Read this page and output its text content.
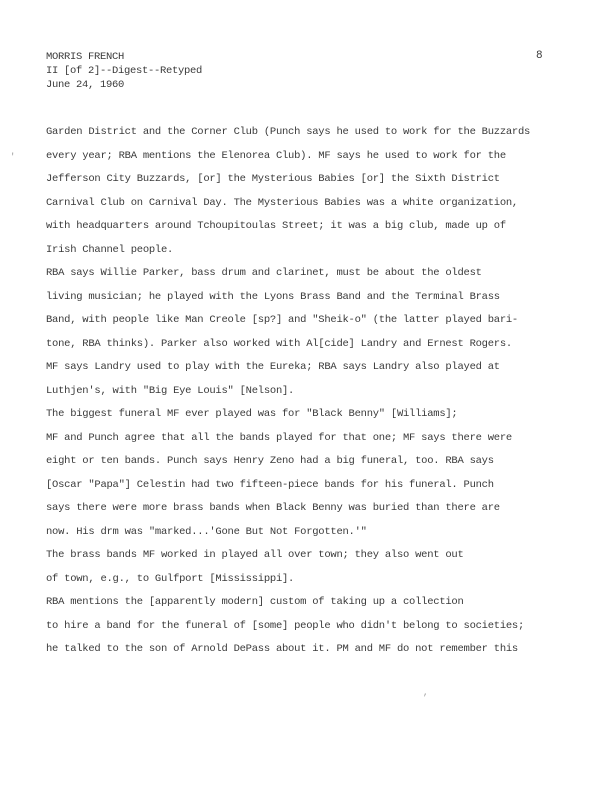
MORRIS FRENCH
II [of 2]--Digest--Retyped
June 24, 1960
8
Garden District and the Corner Club (Punch says he used to work for the Buzzards
every year; RBA mentions the Elenorea Club). MF says he used to work for the
Jefferson City Buzzards, [or] the Mysterious Babies [or] the Sixth District
Carnival Club on Carnival Day. The Mysterious Babies was a white organization,
with headquarters around Tchoupitoulas Street; it was a big club, made up of
Irish Channel people.
RBA says Willie Parker, bass drum and clarinet, must be about the oldest
living musician; he played with the Lyons Brass Band and the Terminal Brass
Band, with people like Man Creole [sp?] and "Sheik-o" (the latter played bari-
tone, RBA thinks). Parker also worked with Al[cide] Landry and Ernest Rogers.
MF says Landry used to play with the Eureka; RBA says Landry also played at
Luthjen's, with "Big Eye Louis" [Nelson].
The biggest funeral MF ever played was for "Black Benny" [Williams];
MF and Punch agree that all the bands played for that one; MF says there were
eight or ten bands. Punch says Henry Zeno had a big funeral, too. RBA says
[Oscar "Papa"] Celestin had two fifteen-piece bands for his funeral. Punch
says there were more brass bands when Black Benny was buried than there are
now. His drm was "marked...'Gone But Not Forgotten.'"
The brass bands MF worked in played all over town; they also went out
of town, e.g., to Gulfport [Mississippi].
RBA mentions the [apparently modern] custom of taking up a collection
to hire a band for the funeral of [some] people who didn't belong to societies;
he talked to the son of Arnold DePass about it. PM and MF do not remember this
'
,
